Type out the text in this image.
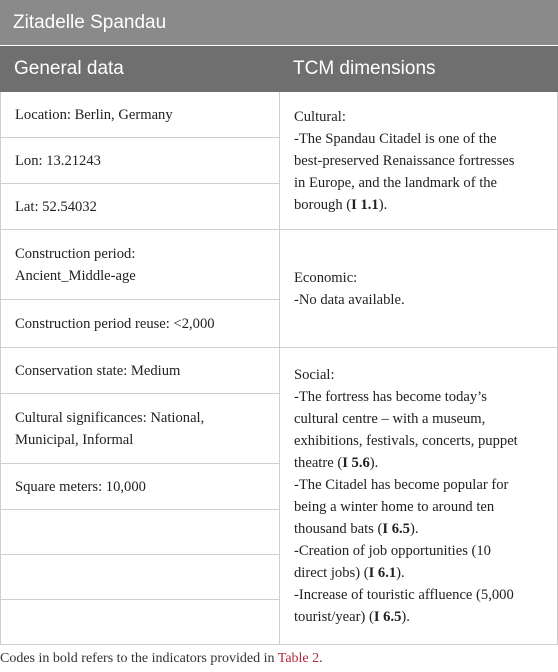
Zitadelle Spandau
General data	TCM dimensions
Location: Berlin, Germany
Lon: 13.21243
Lat: 52.54032
Construction period:
Ancient_Middle-age
Construction period reuse: <2,000
Conservation state: Medium
Cultural significances: National,
Municipal, Informal
Square meters: 10,000
Cultural:
-The Spandau Citadel is one of the
best-preserved Renaissance fortresses
in Europe, and the landmark of the
borough (I 1.1).
Economic:
-No data available.
Social:
-The fortress has become today’s
cultural centre – with a museum,
exhibitions, festivals, concerts, puppet
theatre (I 5.6).
-The Citadel has become popular for
being a winter home to around ten
thousand bats (I 6.5).
-Creation of job opportunities (10
direct jobs) (I 6.1).
-Increase of touristic affluence (5,000
tourist/year) (I 6.5).
Codes in bold refers to the indicators provided in Table 2.
